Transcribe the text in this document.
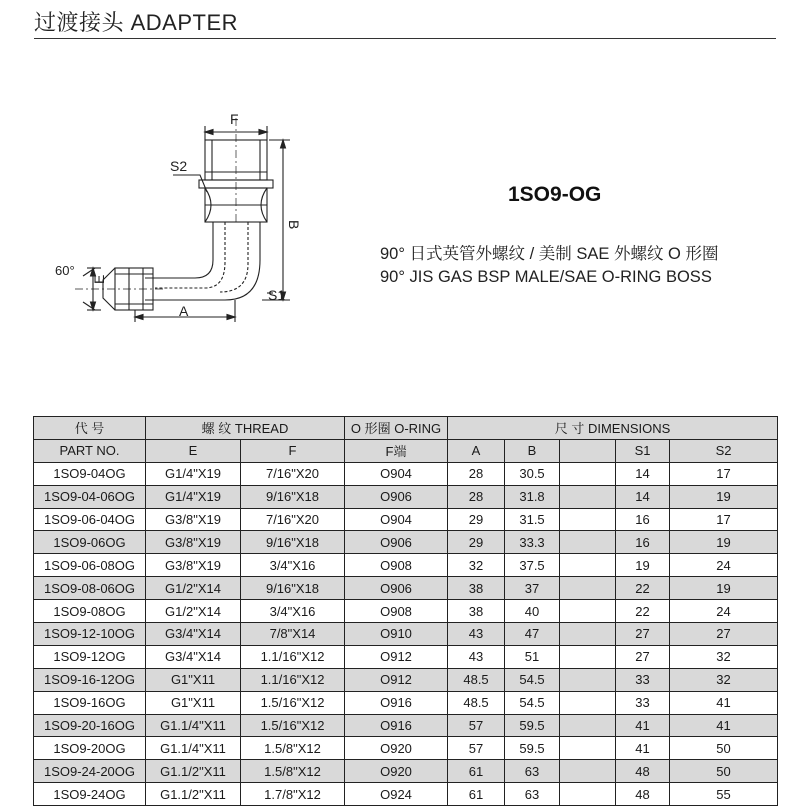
过渡接头 ADAPTER
F
S2
B
E
60°
A
S1
1SO9-OG
90° 日式英管外螺纹 / 美制 SAE 外螺纹 O 形圈
90° JIS GAS BSP MALE/SAE O-RING BOSS
代 号	螺 纹 THREAD		O 形圈 O-RING	尺 寸 DIMENSIONS				
PART NO.	E	F	F端	A	B		S1	S2
1SO9-04OG	G1/4"X19	7/16"X20	O904	28	30.5		14	17
1SO9-04-06OG	G1/4"X19	9/16"X18	O906	28	31.8		14	19
1SO9-06-04OG	G3/8"X19	7/16"X20	O904	29	31.5		16	17
1SO9-06OG	G3/8"X19	9/16"X18	O906	29	33.3		16	19
1SO9-06-08OG	G3/8"X19	3/4"X16	O908	32	37.5		19	24
1SO9-08-06OG	G1/2"X14	9/16"X18	O906	38	37		22	19
1SO9-08OG	G1/2"X14	3/4"X16	O908	38	40		22	24
1SO9-12-10OG	G3/4"X14	7/8"X14	O910	43	47		27	27
1SO9-12OG	G3/4"X14	1.1/16"X12	O912	43	51		27	32
1SO9-16-12OG	G1"X11	1.1/16"X12	O912	48.5	54.5		33	32
1SO9-16OG	G1"X11	1.5/16"X12	O916	48.5	54.5		33	41
1SO9-20-16OG	G1.1/4"X11	1.5/16"X12	O916	57	59.5		41	41
1SO9-20OG	G1.1/4"X11	1.5/8"X12	O920	57	59.5		41	50
1SO9-24-20OG	G1.1/2"X11	1.5/8"X12	O920	61	63		48	50
1SO9-24OG	G1.1/2"X11	1.7/8"X12	O924	61	63		48	55
